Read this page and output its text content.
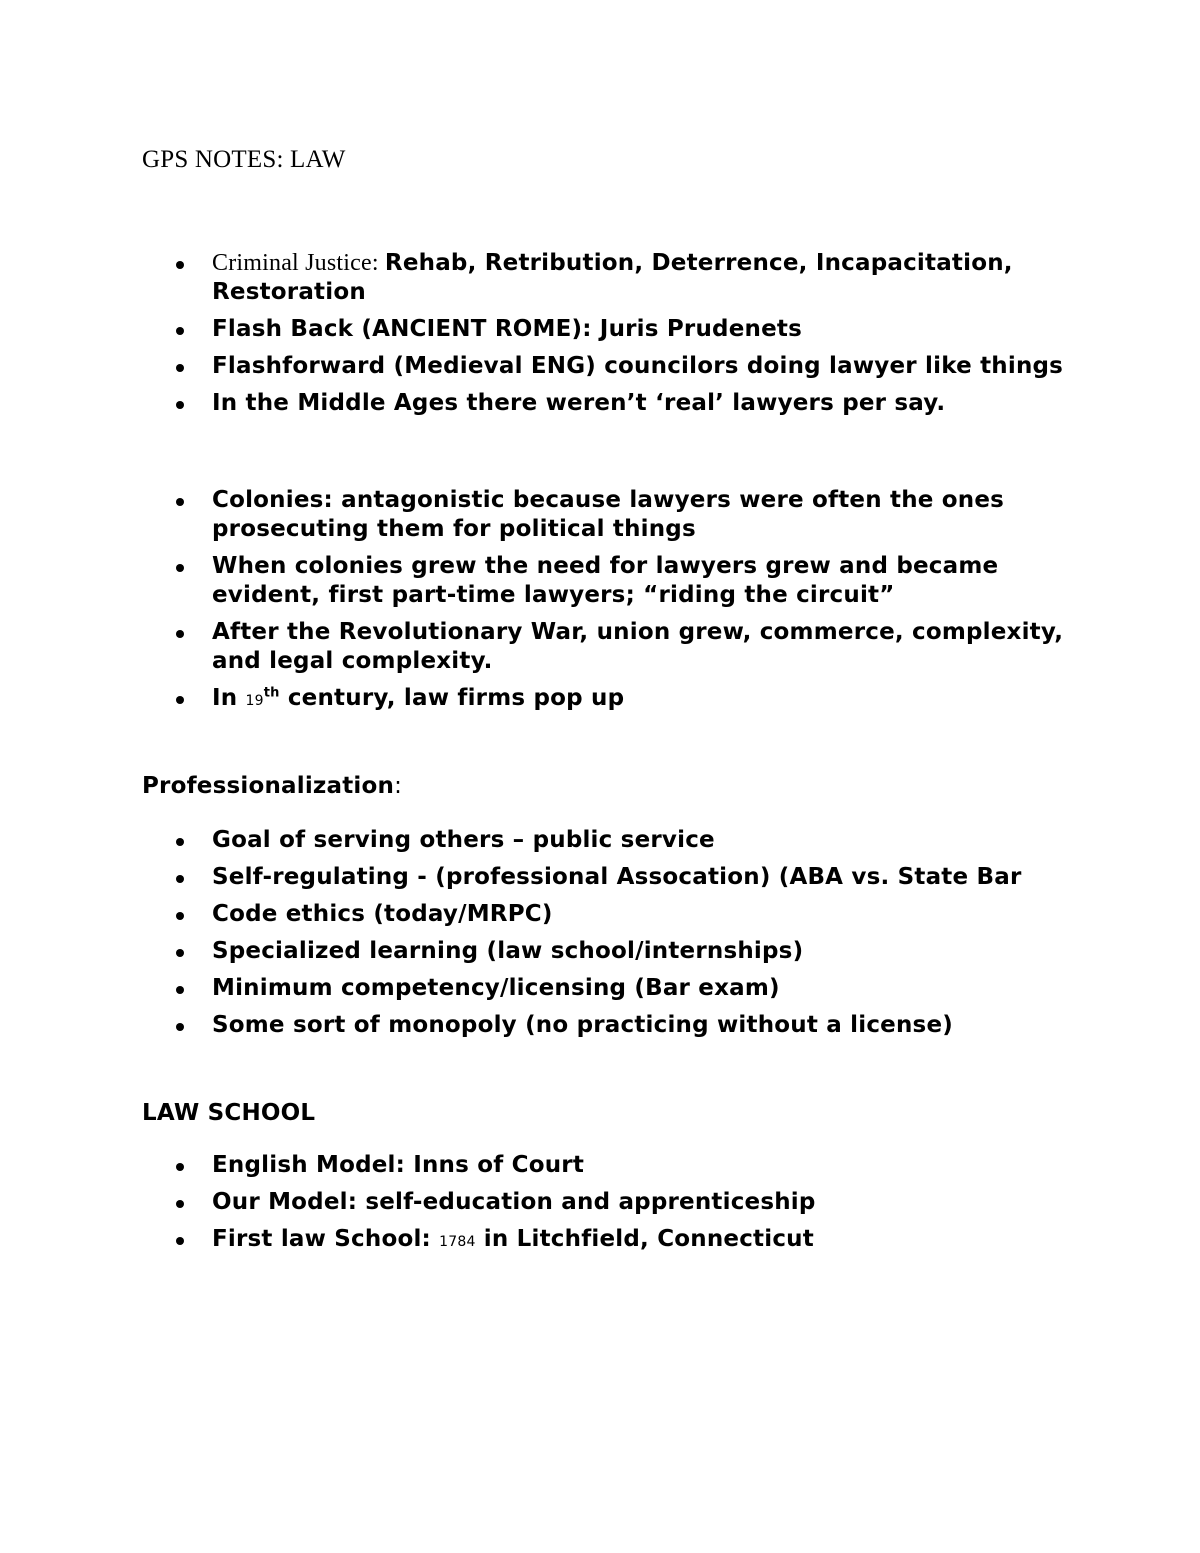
GPS NOTES: LAW
Criminal Justice: Rehab, Retribution, Deterrence, Incapacitation, Restoration
Flash Back (ANCIENT ROME): Juris Prudenets
Flashforward (Medieval ENG) councilors doing lawyer like things
In the Middle Ages there weren’t ‘real’ lawyers per say.
Colonies: antagonistic because lawyers were often the ones prosecuting them for political things
When colonies grew the need for lawyers grew and became evident, first part-time lawyers; “riding the circuit”
After the Revolutionary War, union grew, commerce, complexity, and legal complexity.
In 19th century, law firms pop up
Professionalization:
Goal of serving others – public service
Self-regulating - (professional Assocation) (ABA vs. State Bar
Code ethics (today/MRPC)
Specialized learning (law school/internships)
Minimum competency/licensing (Bar exam)
Some sort of monopoly (no practicing without a license)
LAW SCHOOL
English Model: Inns of Court
Our Model: self-education and apprenticeship
First law School: 1784 in Litchfield, Connecticut
